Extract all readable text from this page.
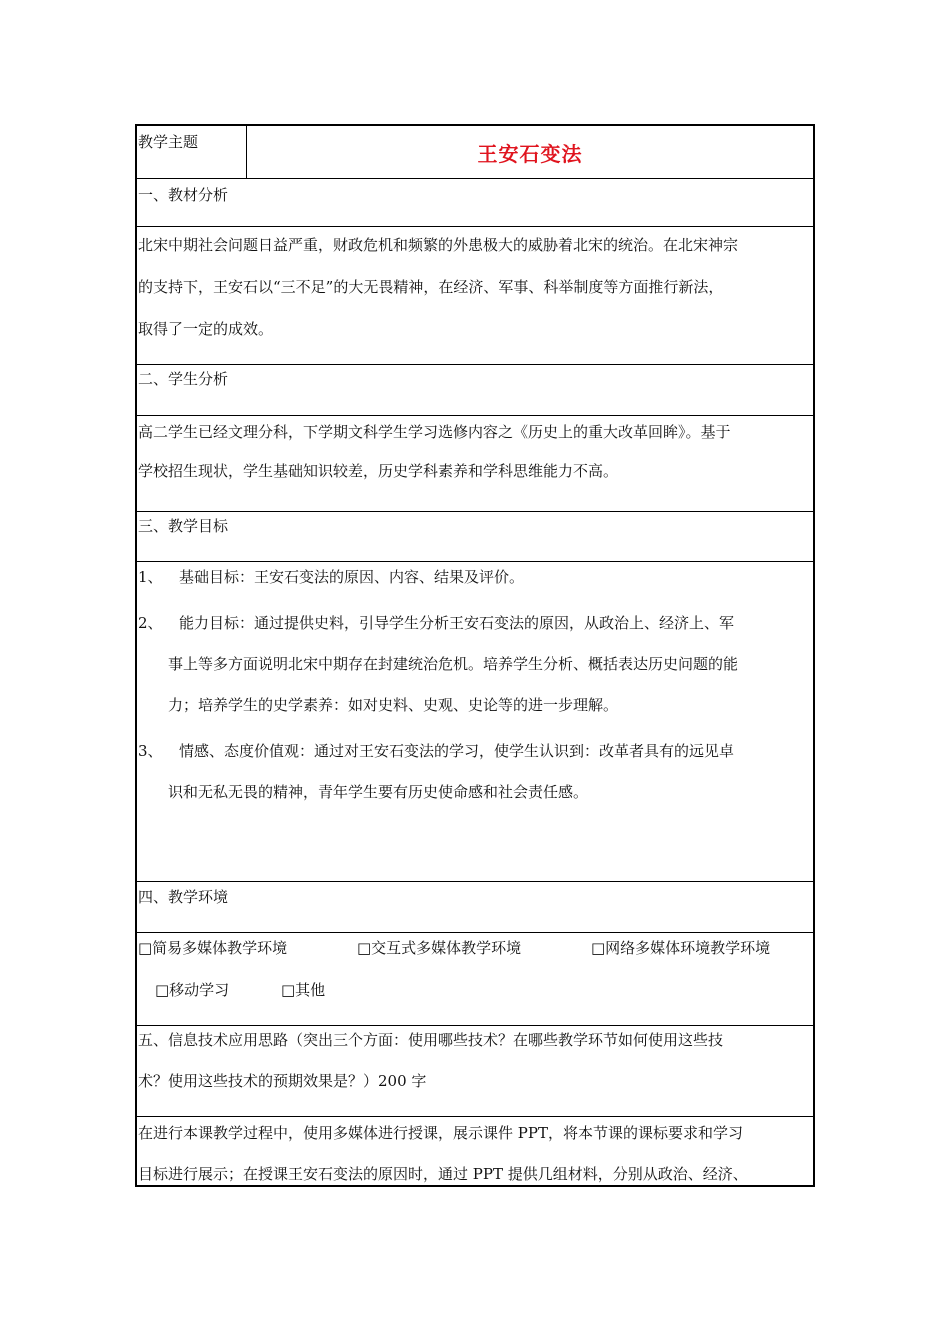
教学主题	王安石变法
一、教材分析
北宋中期社会问题日益严重，财政危机和频繁的外患极大的威胁着北宋的统治。在北宋神宗
的支持下，王安石以“三不足”的大无畏精神，在经济、军事、科举制度等方面推行新法，
取得了一定的成效。
二、学生分析
高二学生已经文理分科，下学期文科学生学习选修内容之《历史上的重大改革回眸》。基于
学校招生现状，学生基础知识较差，历史学科素养和学科思维能力不高。
三、教学目标
1、 基础目标：王安石变法的原因、内容、结果及评价。
2、 能力目标：通过提供史料，引导学生分析王安石变法的原因，从政治上、经济上、军
事上等多方面说明北宋中期存在封建统治危机。培养学生分析、概括表达历史问题的能
力；培养学生的史学素养：如对史料、史观、史论等的进一步理解。
3、 情感、态度价值观：通过对王安石变法的学习，使学生认识到：改革者具有的远见卓
识和无私无畏的精神，青年学生要有历史使命感和社会责任感。
四、教学环境
□简易多媒体教学环境	□交互式多媒体教学环境	□网络多媒体环境教学环境
□移动学习	□其他
五、信息技术应用思路（突出三个方面：使用哪些技术？在哪些教学环节如何使用这些技
术？使用这些技术的预期效果是？）200 字
在进行本课教学过程中，使用多媒体进行授课，展示课件 PPT，将本节课的课标要求和学习
目标进行展示；在授课王安石变法的原因时，通过 PPT 提供几组材料，分别从政治、经济、
